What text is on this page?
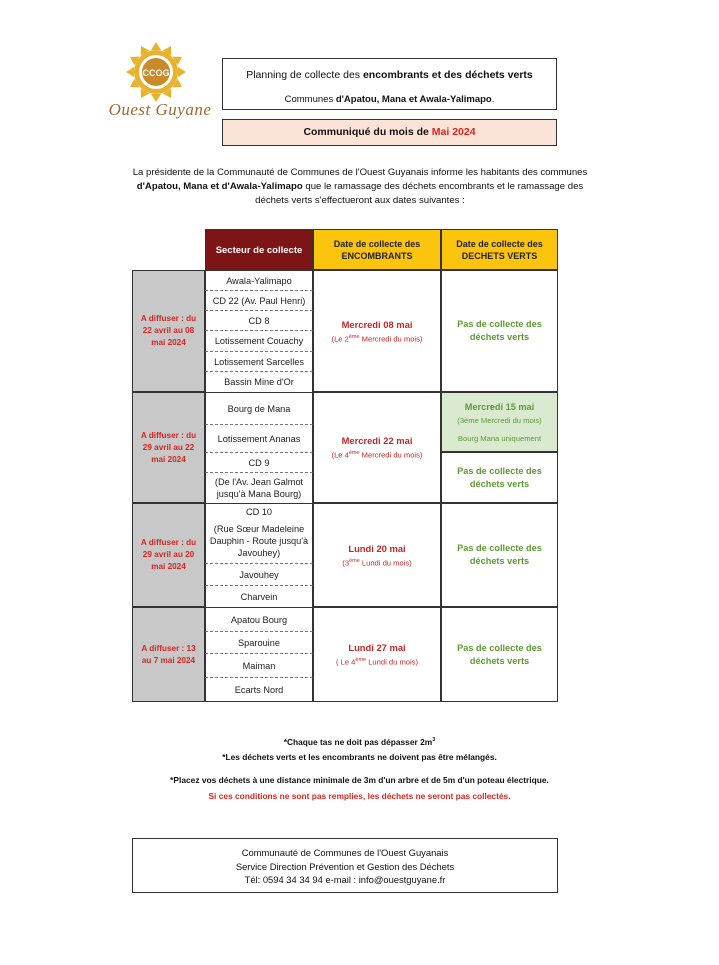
CCOG
Ouest Guyane
Planning de collecte des encombrants et des déchets verts
Communes d'Apatou, Mana et Awala-Yalimapo.
Communiqué du mois de Mai 2024
La présidente de la Communauté de Communes de l'Ouest Guyanais informe les habitants des communes d'Apatou, Mana et d'Awala-Yalimapo que le ramassage des déchets encombrants et le ramassage des déchets verts s'effectueront aux dates suivantes :
Secteur de collecte
Date de collecte des
ENCOMBRANTS
Date de collecte des
DECHETS VERTS
A diffuser : du 22 avril au 08 mai 2024
Awala-Yalimapo
CD 22 (Av. Paul Henri)
CD 8
Lotissement Couachy
Lotissement Sarcelles
Bassin Mine d'Or
Mercredi 08 mai
(Le 2ème Mercredi du mois)
Pas de collecte des déchets verts
A diffuser : du 29 avril au 22 mai 2024
Bourg de Mana
Lotissement Ananas
CD 9
(De l'Av. Jean Galmot jusqu'à Mana Bourg)
Mercredi 22 mai
(Le 4ème Mercredi du mois)
Mercredi 15 mai
(3ème Mercredi du mois)
Bourg Mana uniquement
Pas de collecte des déchets verts
A diffuser : du 29 avril au 20 mai 2024
CD 10
(Rue Sœur Madeleine Dauphin - Route jusqu'à Javouhey)
Javouhey
Charvein
Lundi 20 mai
(3ème Lundi du mois)
Pas de collecte des déchets verts
A diffuser : 13 au 7 mai 2024
Apatou Bourg
Sparouine
Maiman
Ecarts Nord
Lundi 27 mai
( Le 4ème Lundi du mois)
Pas de collecte des déchets verts
*Chaque tas ne doit pas dépasser $2m^3$
*Les déchets verts et les encombrants ne doivent pas être mélangés.
*Placez vos déchets à une distance minimale de 3m d'un arbre et de 5m d'un poteau électrique.
Si ces conditions ne sont pas remplies, les déchets ne seront pas collectés.
Communauté de Communes de l'Ouest Guyanais
Service Direction Prévention et Gestion des Déchets
Tél: 0594 34 34 94 e-mail : info@ouestguyane.fr
